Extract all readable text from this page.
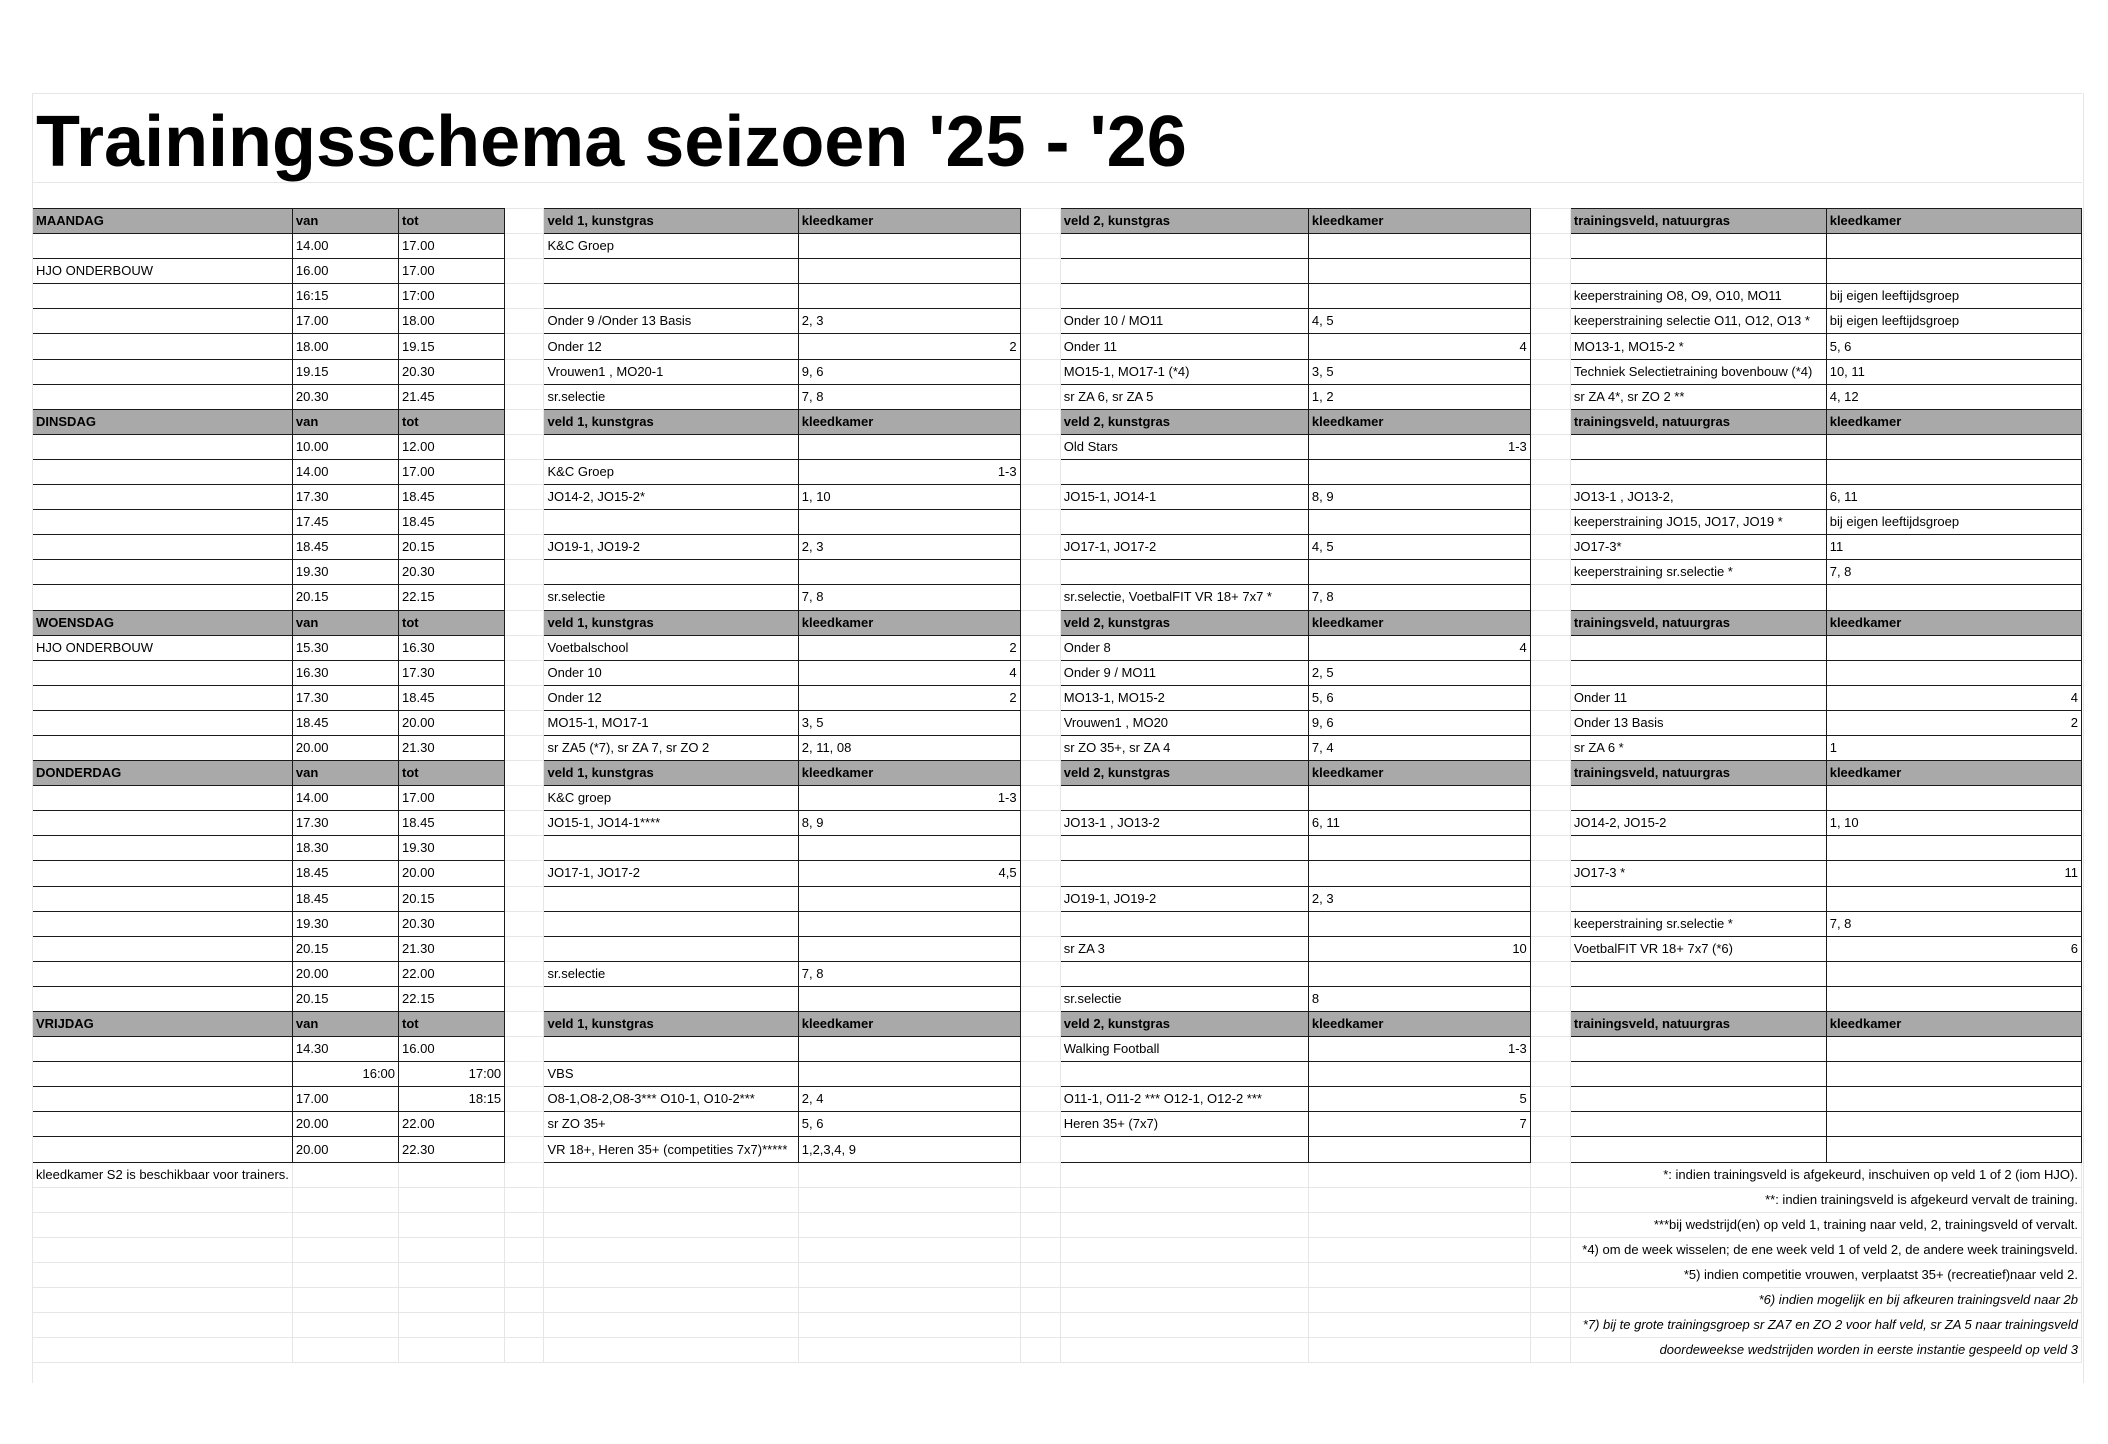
Trainingsschema seizoen '25 - '26
MAANDAG	van	tot		veld 1, kunstgras	kleedkamer		veld 2, kunstgras	kleedkamer		trainingsveld, natuurgras	kleedkamer
	14.00	17.00		K&C Groep							
HJO ONDERBOUW	16.00	17.00									
	16:15	17:00								keeperstraining O8, O9, O10, MO11	bij eigen leeftijdsgroep
	17.00	18.00		Onder 9 /Onder 13 Basis	2, 3		Onder 10 / MO11	4, 5		keeperstraining selectie O11, O12, O13 *	bij eigen leeftijdsgroep
	18.00	19.15		Onder 12	2		Onder 11	4		MO13-1, MO15-2 *	5, 6
	19.15	20.30		Vrouwen1 , MO20-1	9, 6		MO15-1, MO17-1 (*4)	3, 5		Techniek Selectietraining bovenbouw (*4)	10, 11
	20.30	21.45		sr.selectie	7, 8		sr ZA 6, sr ZA 5	1, 2		sr ZA 4*, sr ZO 2 **	4, 12
DINSDAG	van	tot		veld 1, kunstgras	kleedkamer		veld 2, kunstgras	kleedkamer		trainingsveld, natuurgras	kleedkamer
	10.00	12.00					Old Stars	1-3			
	14.00	17.00		K&C Groep	1-3						
	17.30	18.45		JO14-2, JO15-2*	1, 10		JO15-1, JO14-1	8, 9		JO13-1 , JO13-2,	6, 11
	17.45	18.45								keeperstraining JO15, JO17, JO19 *	bij eigen leeftijdsgroep
	18.45	20.15		JO19-1, JO19-2	2, 3		JO17-1, JO17-2	4, 5		JO17-3*	11
	19.30	20.30								keeperstraining sr.selectie *	7, 8
	20.15	22.15		sr.selectie	7, 8		sr.selectie, VoetbalFIT VR 18+ 7x7 *	7, 8			
WOENSDAG	van	tot		veld 1, kunstgras	kleedkamer		veld 2, kunstgras	kleedkamer		trainingsveld, natuurgras	kleedkamer
HJO ONDERBOUW	15.30	16.30		Voetbalschool	2		Onder 8	4			
	16.30	17.30		Onder 10	4		Onder 9 / MO11	2, 5			
	17.30	18.45		Onder 12	2		MO13-1, MO15-2	5, 6		Onder 11	4
	18.45	20.00		MO15-1, MO17-1	3, 5		Vrouwen1 , MO20	9, 6		Onder 13 Basis	2
	20.00	21.30		sr ZA5 (*7), sr ZA 7, sr ZO 2	2, 11, 08		sr ZO 35+, sr ZA 4	7, 4		sr ZA 6 *	1
DONDERDAG	van	tot		veld 1, kunstgras	kleedkamer		veld 2, kunstgras	kleedkamer		trainingsveld, natuurgras	kleedkamer
	14.00	17.00		K&C groep	1-3						
	17.30	18.45		JO15-1, JO14-1****	8, 9		JO13-1 , JO13-2	6, 11		JO14-2, JO15-2	1, 10
	18.30	19.30									
	18.45	20.00		JO17-1, JO17-2	4,5					JO17-3 *	11
	18.45	20.15					JO19-1, JO19-2	2, 3			
	19.30	20.30								keeperstraining sr.selectie *	7, 8
	20.15	21.30					sr ZA 3	10		VoetbalFIT VR 18+ 7x7 (*6)	6
	20.00	22.00		sr.selectie	7, 8						
	20.15	22.15					sr.selectie	8			
VRIJDAG	van	tot		veld 1, kunstgras	kleedkamer		veld 2, kunstgras	kleedkamer		trainingsveld, natuurgras	kleedkamer
	14.30	16.00					Walking Football	1-3			
	16:00	17:00		VBS							
	17.00	18:15		O8-1,O8-2,O8-3*** O10-1, O10-2***	2, 4		O11-1, O11-2 *** O12-1, O12-2 ***	5			
	20.00	22.00		sr ZO 35+	5, 6		Heren 35+ (7x7)	7			
	20.00	22.30		VR 18+, Heren 35+ (competities 7x7)*****	1,2,3,4, 9						
kleedkamer S2 is beschikbaar voor trainers.										*: indien trainingsveld is afgekeurd, inschuiven op veld 1 of 2 (iom HJO).	
										**: indien trainingsveld is afgekeurd vervalt de training.	
										***bij wedstrijd(en) op veld 1, training naar veld, 2, trainingsveld of vervalt.	
										*4) om de week wisselen; de ene week veld 1 of veld 2, de andere week trainingsveld.	
										*5) indien competitie vrouwen, verplaatst 35+ (recreatief)naar veld 2.	
										*6) indien mogelijk en bij afkeuren trainingsveld naar 2b	
										*7) bij te grote trainingsgroep sr ZA7 en ZO 2 voor half veld, sr ZA 5 naar trainingsveld	
										doordeweekse wedstrijden worden in eerste instantie gespeeld op veld 3	
